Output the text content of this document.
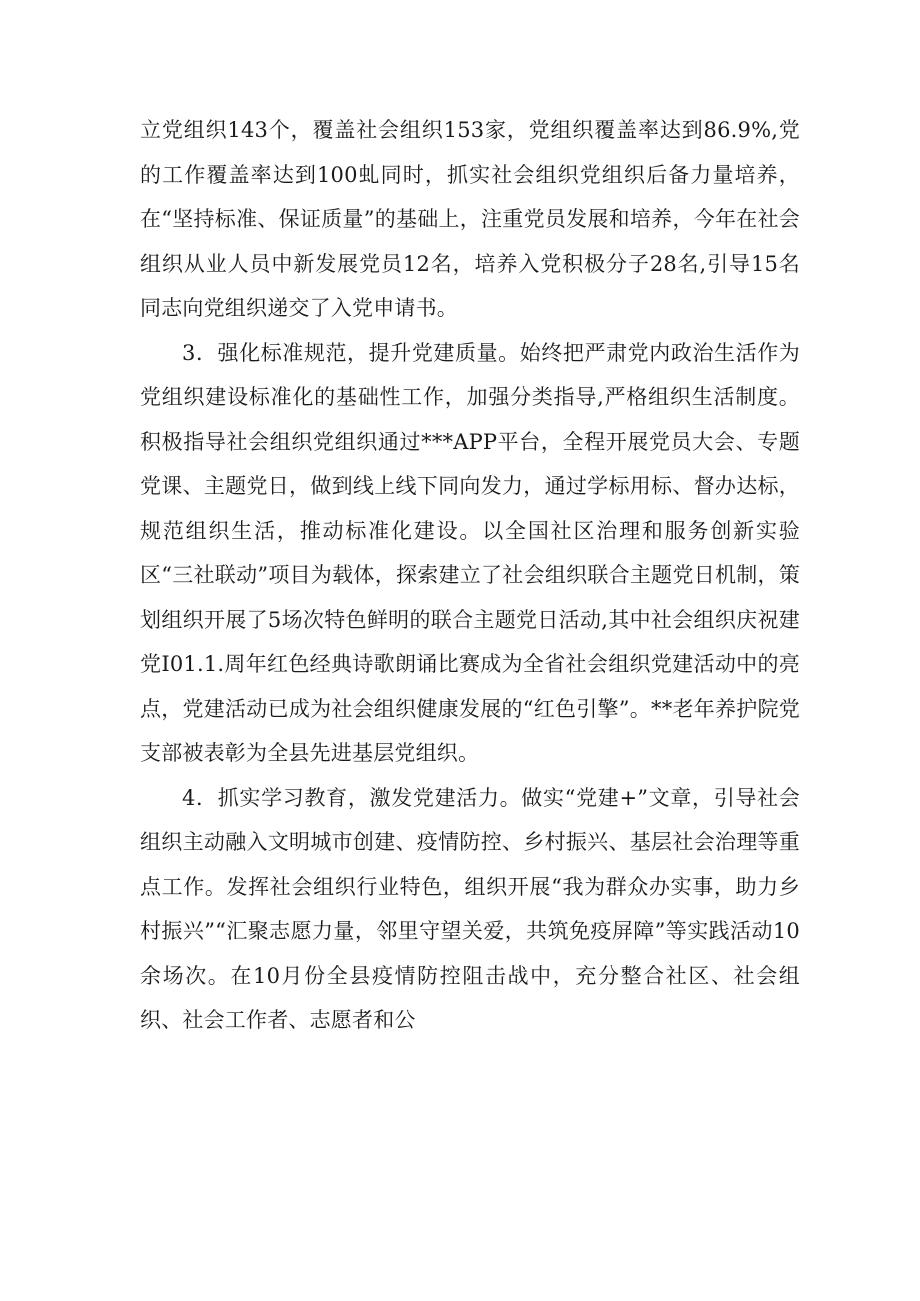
立党组织143个，覆盖社会组织153家，党组织覆盖率达到86.9%,党的工作覆盖率达到100虬同时，抓实社会组织党组织后备力量培养，在“坚持标准、保证质量”的基础上，注重党员发展和培养，今年在社会组织从业人员中新发展党员12名，培养入党积极分子28名,引导15名同志向党组织递交了入党申请书。

3．强化标准规范，提升党建质量。始终把严肃党内政治生活作为党组织建设标准化的基础性工作，加强分类指导,严格组织生活制度。积极指导社会组织党组织通过***APP平台，全程开展党员大会、专题党课、主题党日，做到线上线下同向发力，通过学标用标、督办达标，规范组织生活，推动标准化建设。以全国社区治理和服务创新实验区“三社联动”项目为载体，探索建立了社会组织联合主题党日机制，策划组织开展了5场次特色鲜明的联合主题党日活动,其中社会组织庆祝建党I01.1.周年红色经典诗歌朗诵比赛成为全省社会组织党建活动中的亮点，党建活动已成为社会组织健康发展的“红色引擎”。**老年养护院党支部被表彰为全县先进基层党组织。

4．抓实学习教育，激发党建活力。做实“党建+”文章，引导社会组织主动融入文明城市创建、疫情防控、乡村振兴、基层社会治理等重点工作。发挥社会组织行业特色，组织开展“我为群众办实事，助力乡村振兴”“汇聚志愿力量，邻里守望关爱，共筑免疫屏障”等实践活动10余场次。在10月份全县疫情防控阻击战中，充分整合社区、社会组织、社会工作者、志愿者和公
